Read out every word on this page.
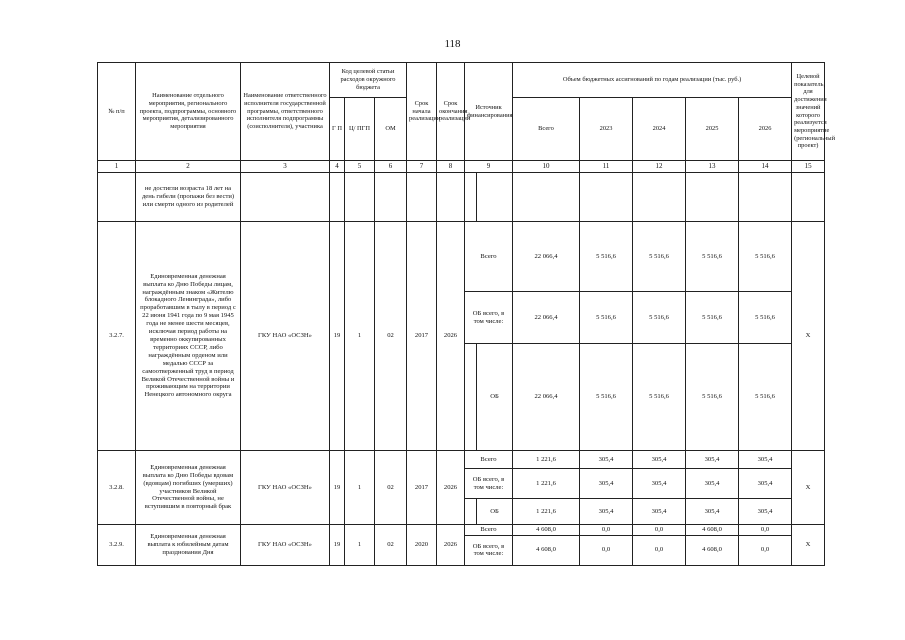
118
№ п/п	Наименование отдельного мероприятия, регионального проекта, подпрограммы, основного мероприятия, детализированного мероприятия	Наименование ответственного исполнителя государственной программы, ответственного исполнителя подпрограммы (соисполнителя), участника	Код целевой статьи расходов окружного бюджета			Срок начала реализации	Срок окончания реализации	Источник финансирования		Объем бюджетных ассигнований по годам реализации (тыс. руб.)					Целевой показатель, для достижения значений которого реализуется мероприятие (региональный проект)
			Г П	Ц/ ПГП	ОМ					Всего	2023	2024	2025	2026	
1	2	3	4	5	6	7	8	9		10	11	12	13	14	15
	не достигли возраста 18 лет на день гибели (пропажи без вести) или смерти одного из родителей														
3.2.7.	Единовременная денежная выплата ко Дню Победы лицам, награждённым знаком «Жителю блокадного Ленинграда», либо проработавшим в тылу в период с 22 июня 1941 года по 9 мая 1945 года не менее шести месяцев, исключая период работы на временно оккупированных территориях СССР, либо награждённым орденом или медалью СССР за самоотверженный труд в период Великой Отечественной войны и проживающим на территории Ненецкого автономного округа	ГКУ НАО «ОСЗН»	19	1	02	2017	2026	Всего		22 066,4	5 516,6	5 516,6	5 516,6	5 516,6	X
								ОБ всего, в том числе:		22 066,4	5 516,6	5 516,6	5 516,6	5 516,6	
									ОБ	22 066,4	5 516,6	5 516,6	5 516,6	5 516,6	
3.2.8.	Единовременная денежная выплата ко Дню Победы вдовам (вдовцам) погибших (умерших) участников Великой Отечественной войны, не вступившим в повторный брак	ГКУ НАО «ОСЗН»	19	1	02	2017	2026	Всего		1 221,6	305,4	305,4	305,4	305,4	X
								ОБ всего, в том числе:		1 221,6	305,4	305,4	305,4	305,4	
									ОБ	1 221,6	305,4	305,4	305,4	305,4	
3.2.9.	Единовременная денежная выплата к юбилейным датам празднования Дня	ГКУ НАО «ОСЗН»	19	1	02	2020	2026	Всего		4 608,0	0,0	0,0	4 608,0	0,0	X
								ОБ всего, в том числе:		4 608,0	0,0	0,0	4 608,0	0,0	
